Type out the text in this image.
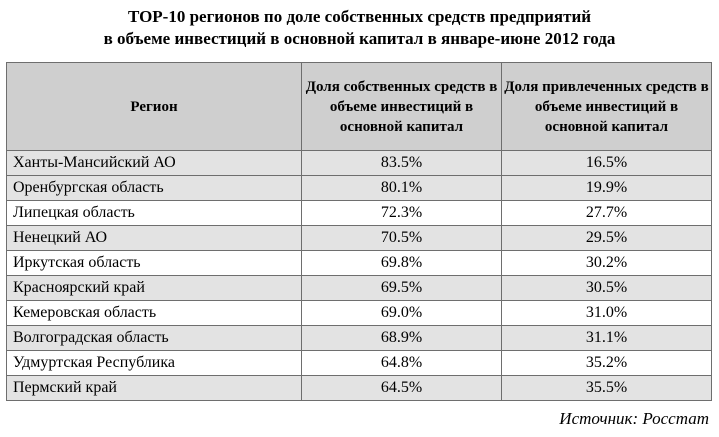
ТОР-10 регионов по доле собственных средств предприятий
в объеме инвестиций в основной капитал в январе-июне 2012 года
Регион	Доля собственных средств в объеме инвестиций в основной капитал	Доля привлеченных средств в объеме инвестиций в основной капитал
Ханты-Мансийский АО	83.5%	16.5%
Оренбургская область	80.1%	19.9%
Липецкая область	72.3%	27.7%
Ненецкий АО	70.5%	29.5%
Иркутская область	69.8%	30.2%
Красноярский край	69.5%	30.5%
Кемеровская область	69.0%	31.0%
Волгоградская область	68.9%	31.1%
Удмуртская Республика	64.8%	35.2%
Пермский край	64.5%	35.5%
Источник: Росстат
